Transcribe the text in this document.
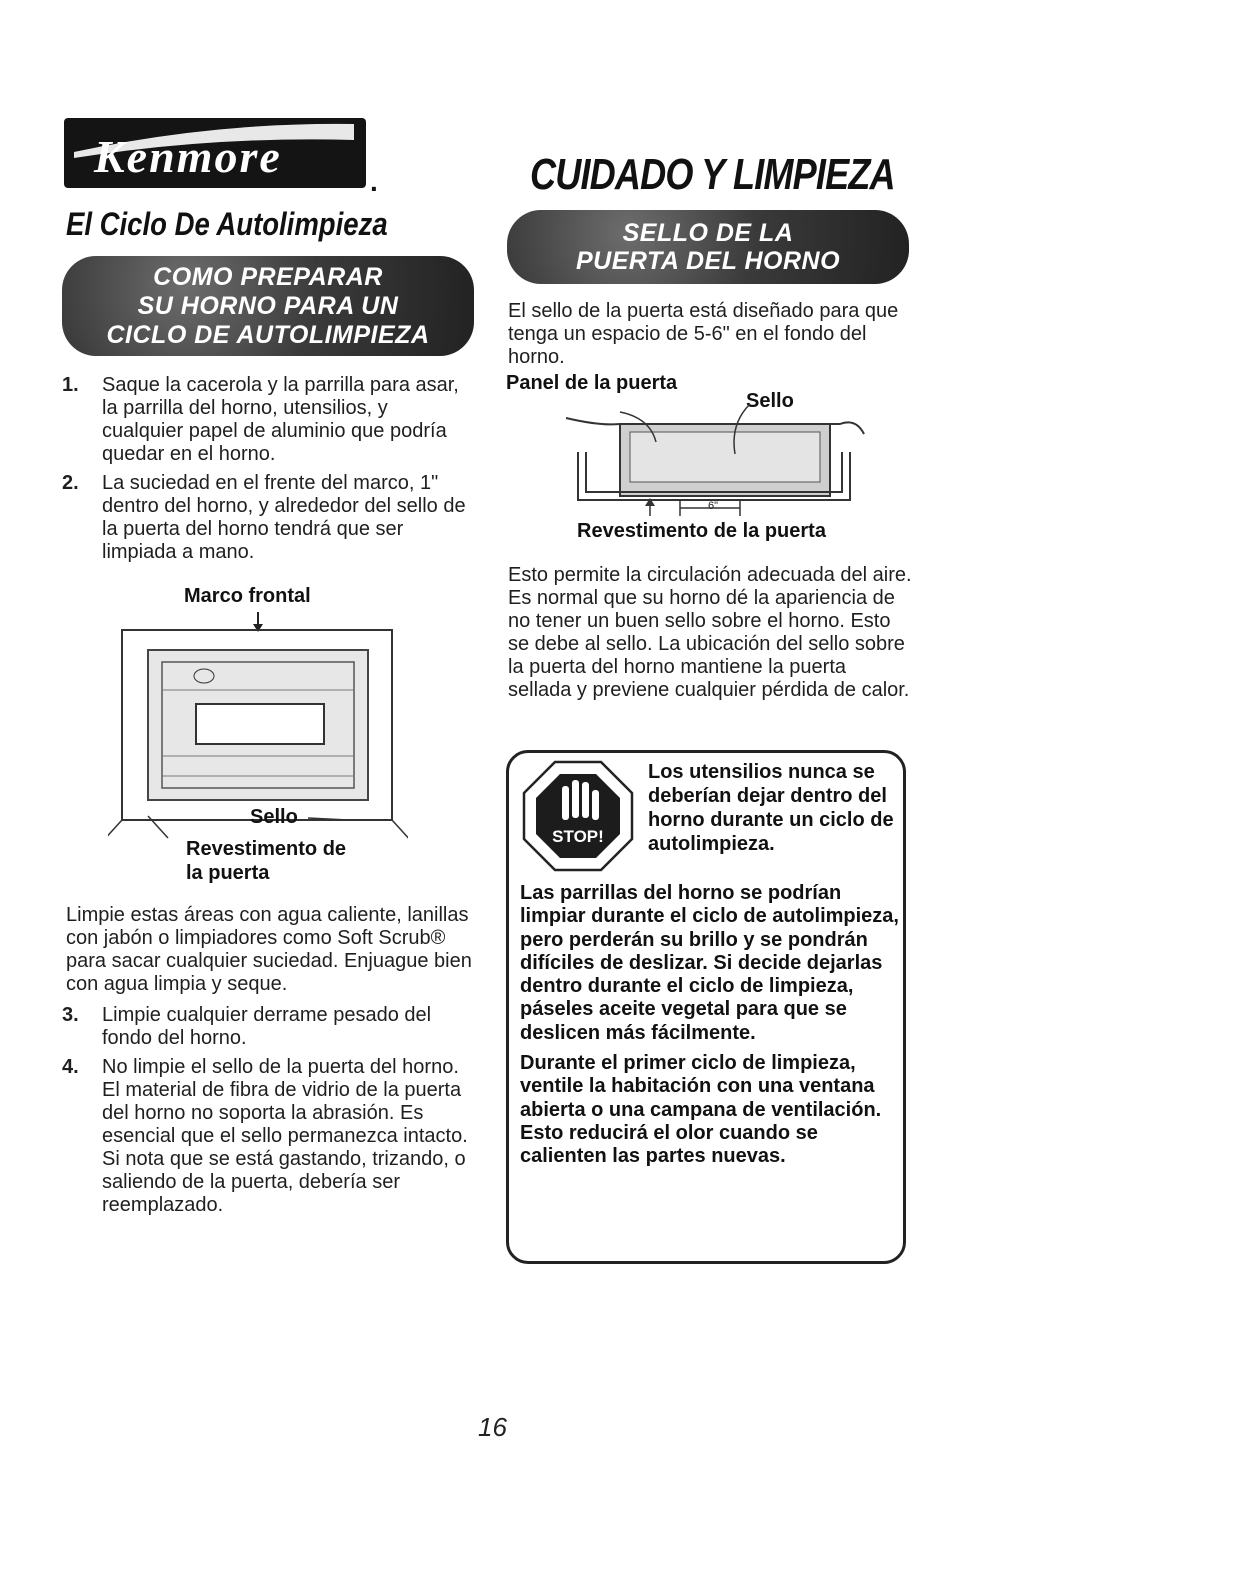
Kenmore	.	CUIDADO Y LIMPIEZA
El Ciclo De Autolimpieza
COMO PREPARAR
SU HORNO PARA UN
CICLO DE AUTOLIMPIEZA
1.	Saque la cacerola y la parrilla para asar, la parrilla del horno, utensilios, y cualquier papel de aluminio que podría quedar en el horno.
2.	La suciedad en el frente del marco, 1" dentro del horno, y alrededor del sello de la puerta del horno tendrá que ser limpiada a mano.
Marco frontal
Sello
Revestimento de
la puerta
Limpie estas áreas con agua caliente, lanillas con jabón o limpiadores como Soft Scrub® para sacar cualquier suciedad. Enjuague bien con agua limpia y seque.
3.	Limpie cualquier derrame pesado del fondo del horno.
4.	No limpie el sello de la puerta del horno. El material de fibra de vidrio de la puerta del horno no soporta la abrasión. Es esencial que el sello permanezca intacto. Si nota que se está gastando, trizando, o saliendo de la puerta, debería ser reemplazado.
SELLO DE LA
PUERTA DEL HORNO
El sello de la puerta está diseñado para que tenga un espacio de 5-6" en el fondo del horno.
Panel de la puerta
Sello
6"
Revestimento de la puerta
Esto permite la circulación adecuada del aire. Es normal que su horno dé la apariencia de no tener un buen sello sobre el horno. Esto se debe al sello. La ubicación del sello sobre la puerta del horno mantiene la puerta sellada y previene cualquier pérdida de calor.
STOP!
Los utensilios nunca se deberían dejar dentro del horno durante un ciclo de autolimpieza.

Las parrillas del horno se podrían limpiar durante el ciclo de autolimpieza, pero perderán su brillo y se pondrán difíciles de deslizar. Si decide dejarlas dentro durante el ciclo de limpieza, páseles aceite vegetal para que se deslicen más fácilmente.

Durante el primer ciclo de limpieza, ventile la habitación con una ventana abierta o una campana de ventilación. Esto reducirá el olor cuando se calienten las partes nuevas.

16
